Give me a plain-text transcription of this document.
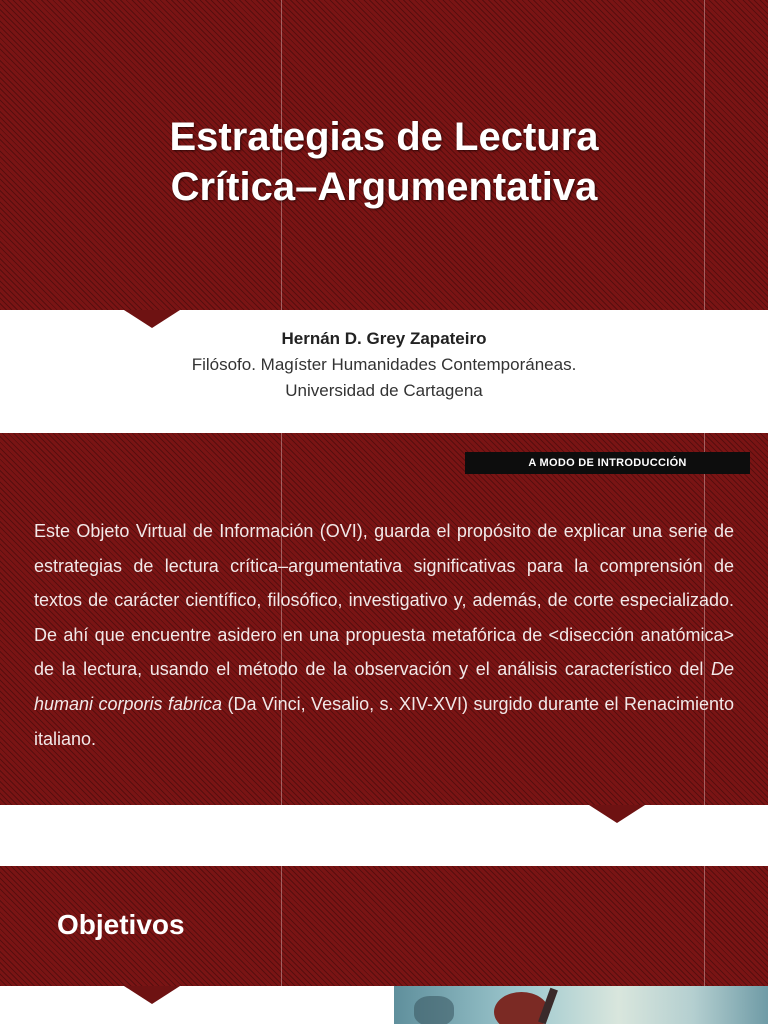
Estrategias de Lectura
Crítica–Argumentativa
Hernán D. Grey Zapateiro
Filósofo. Magíster Humanidades Contemporáneas.
Universidad de Cartagena
A MODO DE INTRODUCCIÓN
Este Objeto Virtual de Información (OVI), guarda el propósito de explicar una serie de estrategias de lectura crítica–argumentativa significativas para la comprensión de textos de carácter científico, filosófico, investigativo y, además, de corte especializado. De ahí que encuentre asidero en una propuesta metafórica de <disección anatómica> de la lectura, usando el método de la observación y el análisis característico del De humani corporis fabrica (Da Vinci, Vesalio, s. XIV-XVI) surgido durante el Renacimiento italiano.
Objetivos
